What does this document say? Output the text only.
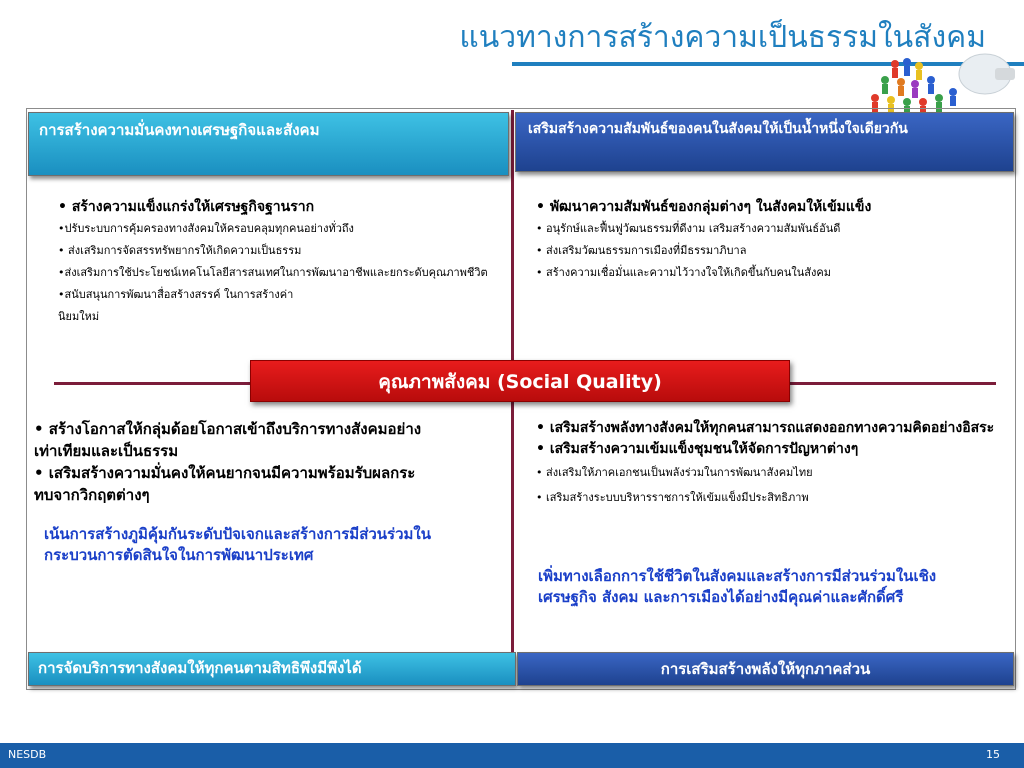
แนวทางการสร้างความเป็นธรรมในสังคม
การสร้างความมั่นคงทางเศรษฐกิจและสังคม	เสริมสร้างความสัมพันธ์ของคนในสังคมให้เป็นน้ำหนึ่งใจเดียวกัน
• สร้างความแข็งแกร่งให้เศรษฐกิจฐานราก
•ปรับระบบการคุ้มครองทางสังคมให้ครอบคลุมทุกคนอย่างทั่วถึง
• ส่งเสริมการจัดสรรทรัพยากรให้เกิดความเป็นธรรม
•ส่งเสริมการใช้ประโยชน์เทคโนโลยีสารสนเทศในการพัฒนาอาชีพและยกระดับคุณภาพชีวิต
•สนับสนุนการพัฒนาสื่อสร้างสรรค์ ในการสร้างค่านิยมใหม่
• พัฒนาความสัมพันธ์ของกลุ่มต่างๆ ในสังคมให้เข้มแข็ง
• อนุรักษ์และฟื้นฟูวัฒนธรรมที่ดีงาม เสริมสร้างความสัมพันธ์อันดี
• ส่งเสริมวัฒนธรรมการเมืองที่มีธรรมาภิบาล
• สร้างความเชื่อมั่นและความไว้วางใจให้เกิดขึ้นกับคนในสังคม
คุณภาพสังคม (Social Quality)
• สร้างโอกาสให้กลุ่มด้อยโอกาสเข้าถึงบริการทางสังคมอย่างเท่าเทียมและเป็นธรรม
• เสริมสร้างความมั่นคงให้คนยากจนมีความพร้อมรับผลกระทบจากวิกฤตต่างๆ
เน้นการสร้างภูมิคุ้มกันระดับปัจเจกและสร้างการมีส่วนร่วมในกระบวนการตัดสินใจในการพัฒนาประเทศ
• เสริมสร้างพลังทางสังคมให้ทุกคนสามารถแสดงออกทางความคิดอย่างอิสระ
• เสริมสร้างความเข้มแข็งชุมชนให้จัดการปัญหาต่างๆ
• ส่งเสริมให้ภาคเอกชนเป็นพลังร่วมในการพัฒนาสังคมไทย
• เสริมสร้างระบบบริหารราชการให้เข้มแข็งมีประสิทธิภาพ
เพิ่มทางเลือกการใช้ชีวิตในสังคมและสร้างการมีส่วนร่วมในเชิงเศรษฐกิจ สังคม และการเมืองได้อย่างมีคุณค่าและศักดิ์ศรี
การจัดบริการทางสังคมให้ทุกคนตามสิทธิพึงมีพึงได้	การเสริมสร้างพลังให้ทุกภาคส่วน
NESDB	15
